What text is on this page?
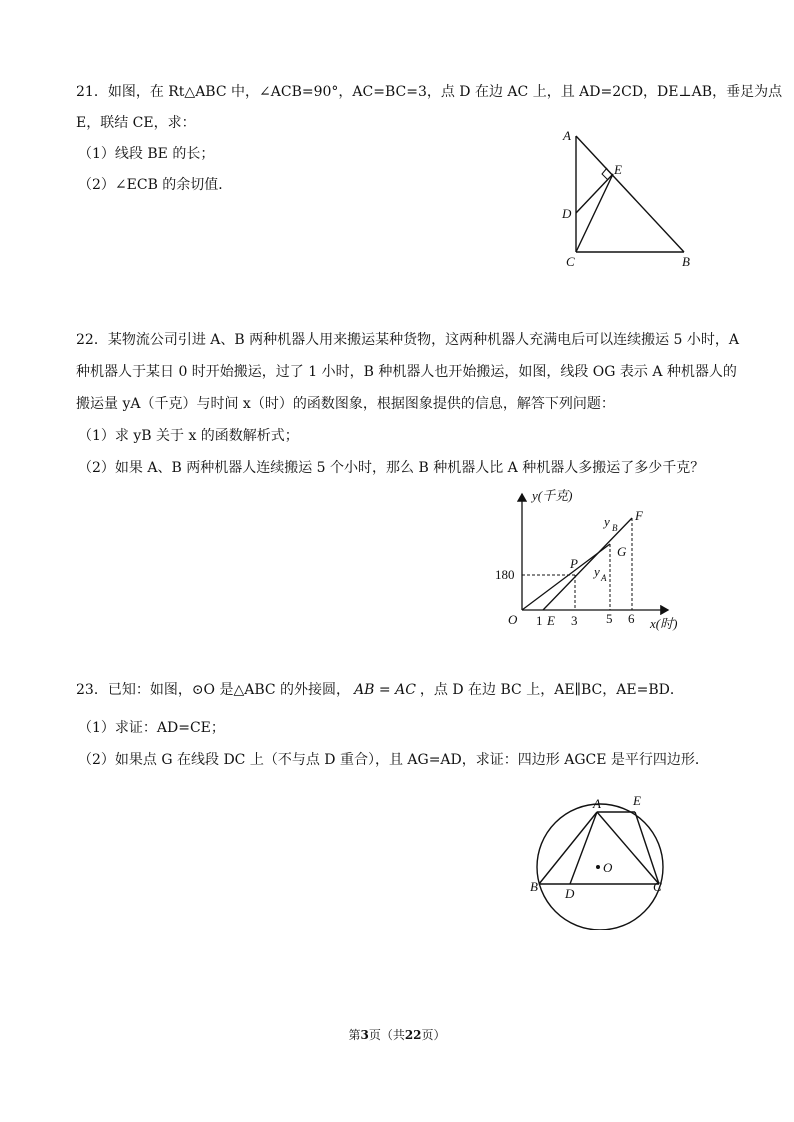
21．如图，在 Rt△ABC 中，∠ACB=90°，AC=BC=3，点 D 在边 AC 上，且 AD=2CD，DE⊥AB，垂足为点
E，联结 CE，求：
（1）线段 BE 的长；
（2）∠ECB 的余切值．
A
E
D
C	B
22．某物流公司引进 A、B 两种机器人用来搬运某种货物，这两种机器人充满电后可以连续搬运 5 小时，A
种机器人于某日 0 时开始搬运，过了 1 小时，B 种机器人也开始搬运，如图，线段 OG 表示 A 种机器人的
搬运量 yA（千克）与时间 x（时）的函数图象，根据图象提供的信息，解答下列问题：
（1）求 yB 关于 x 的函数解析式；
（2）如果 A、B 两种机器人连续搬运 5 个小时，那么 B 种机器人比 A 种机器人多搬运了多少千克？
y(千克)
x(时)
O 1 E 3 5 6
180
P
G
F
y B
y A
23．已知：如图，⊙O 是△ABC 的外接圆， AB = AC ，点 D 在边 BC 上，AE∥BC，AE=BD．
（1）求证：AD=CE；
（2）如果点 G 在线段 DC 上（不与点 D 重合），且 AG=AD，求证：四边形 AGCE 是平行四边形．
A E
O
B D	C
第3页（共22页）
